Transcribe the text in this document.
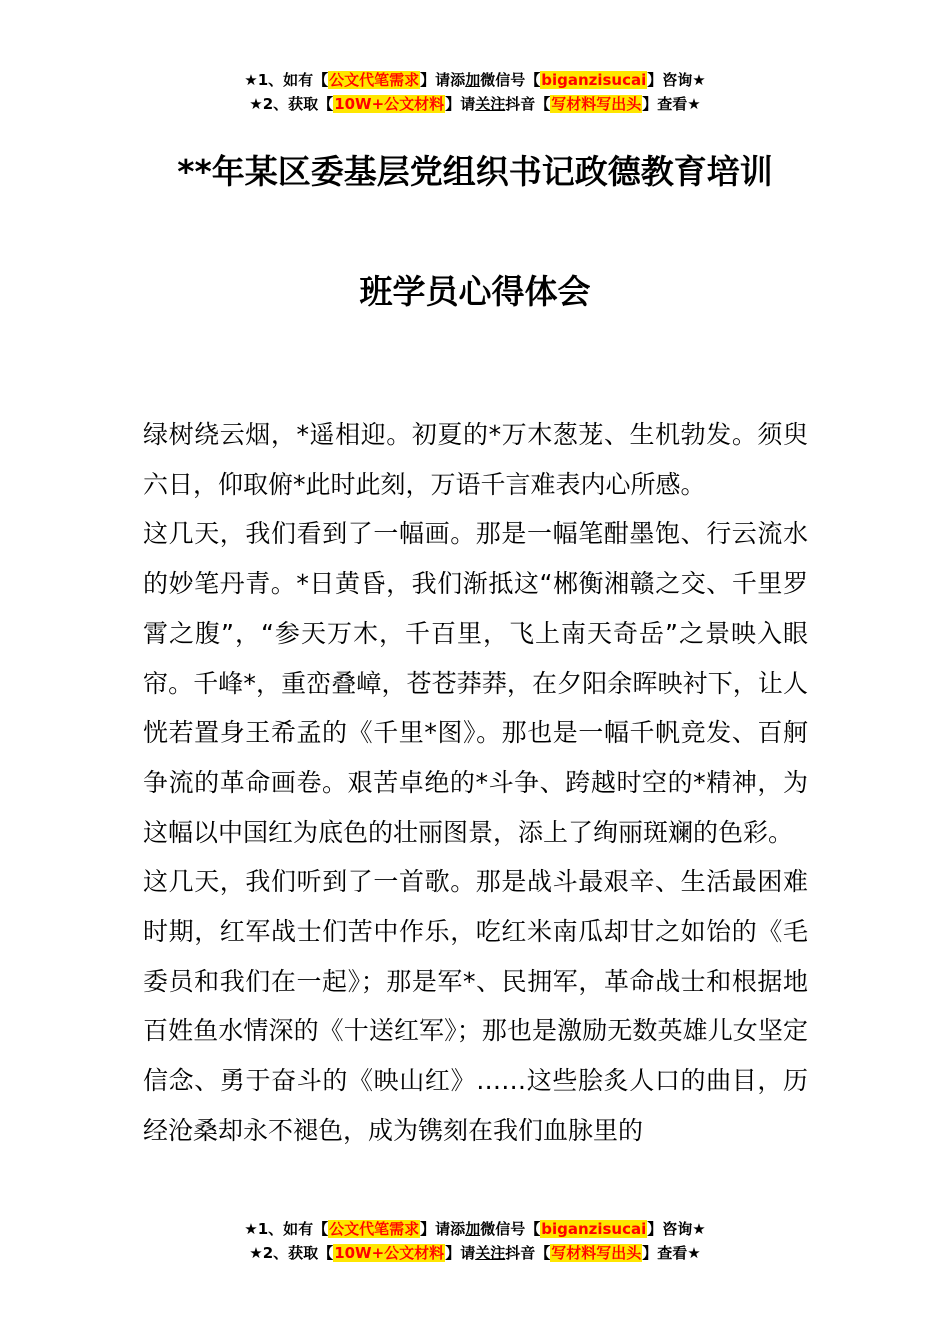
★1、如有【公文代笔需求】请添加微信号【biganzisucai】咨询★
★2、获取【10W+公文材料】请关注抖音【写材料写出头】查看★
**年某区委基层党组织书记政德教育培训
班学员心得体会

绿树绕云烟，*遥相迎。初夏的*万木葱茏、生机勃发。须臾六日，仰取俯*此时此刻，万语千言难表内心所感。

这几天，我们看到了一幅画。那是一幅笔酣墨饱、行云流水的妙笔丹青。*日黄昏，我们渐抵这“郴衡湘赣之交、千里罗霄之腹”，“参天万木，千百里，飞上南天奇岳”之景映入眼帘。千峰*，重峦叠嶂，苍苍莽莽，在夕阳余晖映衬下，让人恍若置身王希孟的《千里*图》。那也是一幅千帆竞发、百舸争流的革命画卷。艰苦卓绝的*斗争、跨越时空的*精神，为这幅以中国红为底色的壮丽图景，添上了绚丽斑斓的色彩。

这几天，我们听到了一首歌。那是战斗最艰辛、生活最困难时期，红军战士们苦中作乐，吃红米南瓜却甘之如饴的《毛委员和我们在一起》；那是军*、民拥军，革命战士和根据地百姓鱼水情深的《十送红军》；那也是激励无数英雄儿女坚定信念、勇于奋斗的《映山红》……这些脍炙人口的曲目，历经沧桑却永不褪色，成为镌刻在我们血脉里的

★1、如有【公文代笔需求】请添加微信号【biganzisucai】咨询★
★2、获取【10W+公文材料】请关注抖音【写材料写出头】查看★
